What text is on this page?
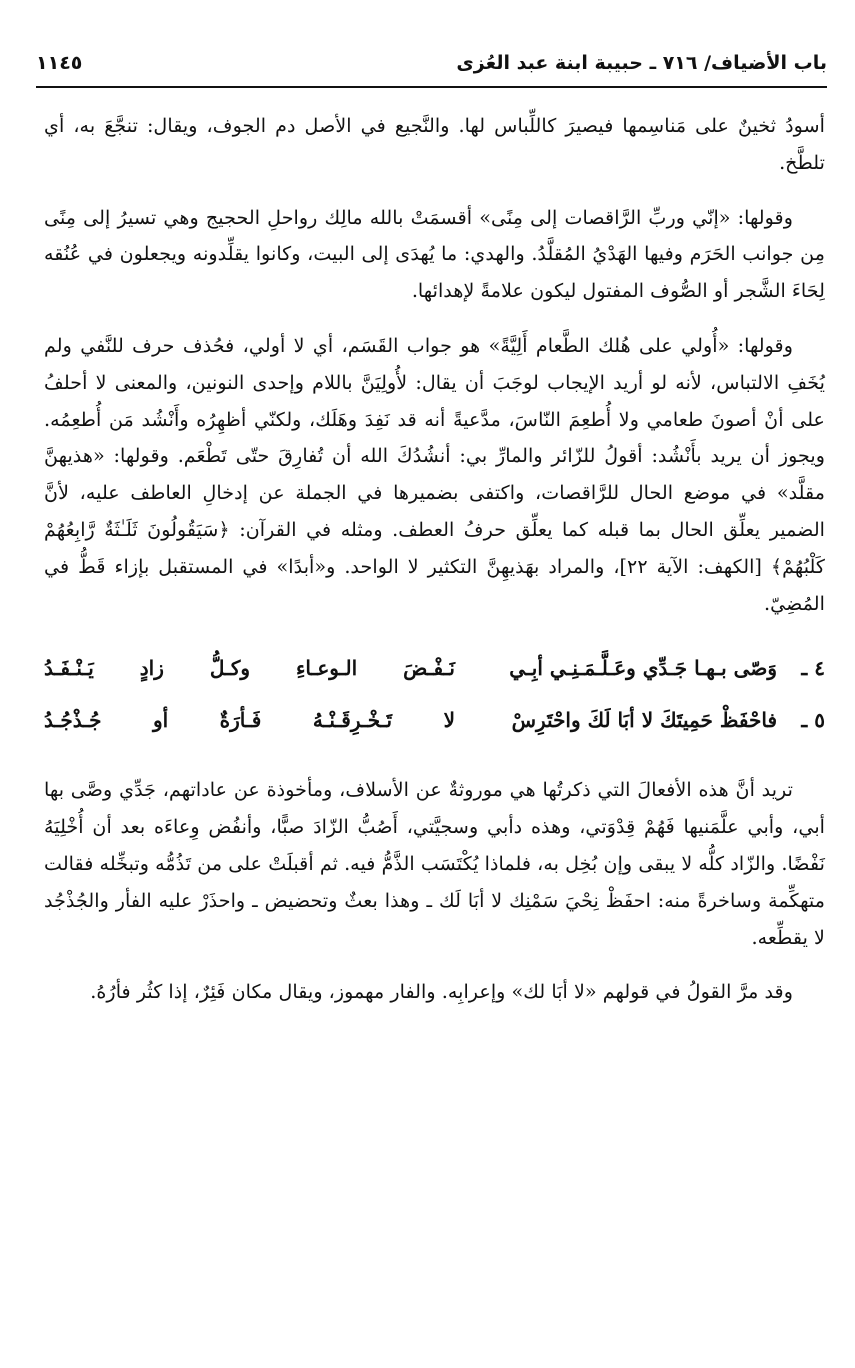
باب الأضياف/ ٧١٦ ـ حبيبة ابنة عبد العُزى
١١٤٥

أسودُ ثخينٌ على مَناسِمها فيصيرَ كاللِّباس لها. والنَّجيع في الأصل دم الجوف، ويقال: تنجَّعَ به، أي تلطَّخ.

وقولها: «إنّي وربِّ الرَّاقصات إلى مِنًى» أقسمَتْ بالله مالِك رواحلِ الحجيج وهي تسيرُ إلى مِنًى مِن جوانب الحَرَم وفيها الهَدْيُ المُقلَّدُ. والهدي: ما يُهدَى إلى البيت، وكانوا يقلِّدونه ويجعلون في عُنُقه لِحَاءَ الشَّجر أو الصُّوف المفتول ليكون علامةً لإهدائها.

وقولها: «أُولي على هُلك الطَّعام أَلِيَّةً» هو جواب القَسَم، أي لا أولي، فحُذف حرف للنَّفي ولم يُخَفِ الالتباس، لأنه لو أريد الإيجاب لوجَبَ أن يقال: لأُولِيَنَّ باللام وإحدى النونين، والمعنى لا أحلفُ على أنْ أصونَ طعامي ولا أُطعِمَ النّاسَ، مدَّعيةً أنه قد نَفِدَ وهَلَك، ولكنّي أظهِرُه وأَنْشُد مَن أُطعِمُه. ويجوز أن يريد بأَنْشُد: أقولُ للزّائر والمارِّ بي: أنشُدُكَ الله أن تُفارِقَ حتّى تَطْعَم. وقولها: «هذيهنَّ مقلَّد» في موضع الحال للرَّاقصات، واكتفى بضميرها في الجملة عن إدخالِ العاطف عليه، لأنَّ الضمير يعلِّق الحال بما قبله كما يعلِّق حرفُ العطف. ومثله في القرآن: ﴿سَيَقُولُونَ ثَلَـٰثَةٌ رَّابِعُهُمْ كَلْبُهُمْ﴾ [الكهف: الآية ٢٢]، والمراد بهَذيهِنَّ التكثير لا الواحد. و«أبدًا» في المستقبل بإزاء قَطُّ في المُضِيّ.

٤ ـ
وَصّى بـهـا جَـدِّي وعَـلَّـمَـنِـي أبِـي
نَـفْـضَ الـوعـاءِ وكـلُّ زادٍ يَـنْـفَـدُ
٥ ـ
فاحْفَظْ حَمِيتَكَ لا أبَا لَكَ واحْتَرِسْ
لا تَـخْـرِقَـنْـهُ فَـأرَةٌ أو جُـذْجُـدُ

تريد أنَّ هذه الأفعالَ التي ذكرتُها هي موروثةٌ عن الأسلاف، ومأخوذة عن عاداتهم، جَدِّي وصَّى بها أبي، وأبي علَّمَنيها فَهُمْ قِدْوَتي، وهذه دأبي وسجيَّتي، أَصُبُّ الزّادَ صبًّا، وأنفُض وِعاءَه بعد أن أُخْلِيَهُ نَفْضًا. والزّاد كلُّه لا يبقى وإن بُخِل به، فلماذا يُكْتَسَب الذَّمُّ فيه. ثم أقبلَتْ على من تَذُمُّه وتبخِّله فقالت متهكِّمة وساخرةً منه: احفَظْ نِحْيَ سَمْنِك لا أبَا لَك ـ وهذا بعثٌ وتحضيض ـ واحذَرْ عليه الفأر والجُذْجُد لا يقطِّعه.

وقد مرَّ القولُ في قولهم «لا أبَا لك» وإعرابِه. والفار مهموز، ويقال مكان فَئِرٌ، إذا كثُر فأرُهُ.
